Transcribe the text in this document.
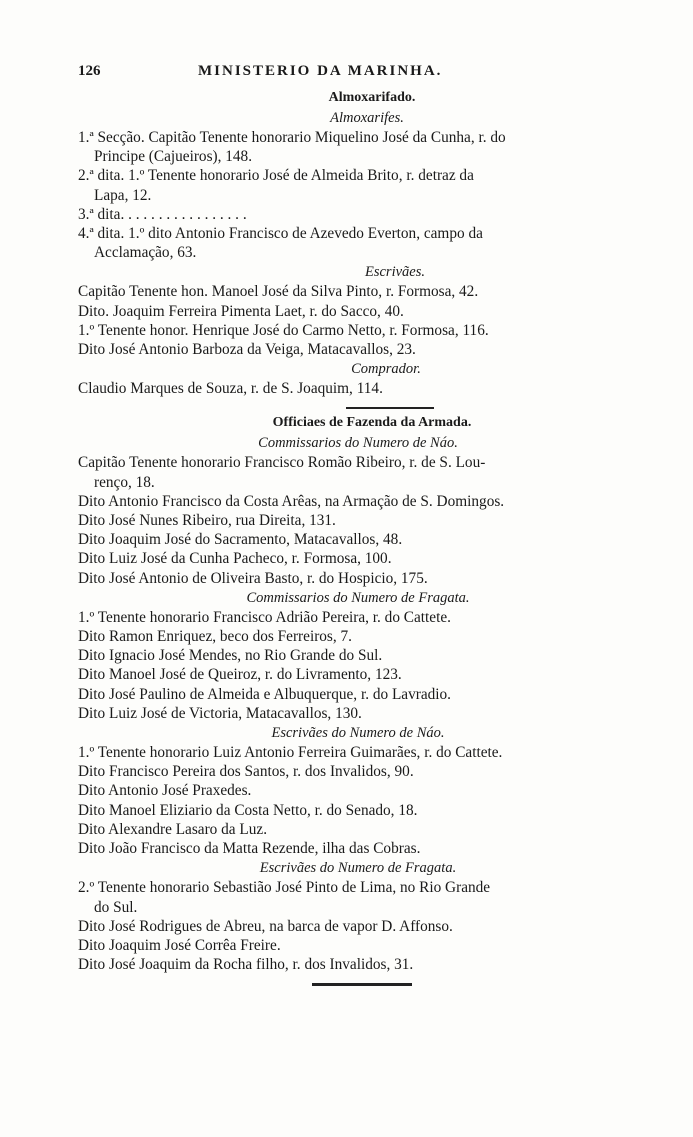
126	MINISTERIO DA MARINHA.
Almoxarifado.
Almoxarifes.
1.ª Secção. Capitão Tenente honorario Miquelino José da Cunha, r. do
Principe (Cajueiros), 148.
2.ª dita. 1.º Tenente honorario José de Almeida Brito, r. detraz da
Lapa, 12.
3.ª dita. . . . . . . . . . . . . . . . .
4.ª dita. 1.º dito Antonio Francisco de Azevedo Everton, campo da
Acclamação, 63.
Escrivães.
Capitão Tenente hon. Manoel José da Silva Pinto, r. Formosa, 42.
Dito. Joaquim Ferreira Pimenta Laet, r. do Sacco, 40.
1.º Tenente honor. Henrique José do Carmo Netto, r. Formosa, 116.
Dito José Antonio Barboza da Veiga, Matacavallos, 23.
Comprador.
Claudio Marques de Souza, r. de S. Joaquim, 114.
Officiaes de Fazenda da Armada.
Commissarios do Numero de Náo.
Capitão Tenente honorario Francisco Romão Ribeiro, r. de S. Lou-
renço, 18.
Dito Antonio Francisco da Costa Arêas, na Armação de S. Domingos.
Dito José Nunes Ribeiro, rua Direita, 131.
Dito Joaquim José do Sacramento, Matacavallos, 48.
Dito Luiz José da Cunha Pacheco, r. Formosa, 100.
Dito José Antonio de Oliveira Basto, r. do Hospicio, 175.
Commissarios do Numero de Fragata.
1.º Tenente honorario Francisco Adrião Pereira, r. do Cattete.
Dito Ramon Enriquez, beco dos Ferreiros, 7.
Dito Ignacio José Mendes, no Rio Grande do Sul.
Dito Manoel José de Queiroz, r. do Livramento, 123.
Dito José Paulino de Almeida e Albuquerque, r. do Lavradio.
Dito Luiz José de Victoria, Matacavallos, 130.
Escrivães do Numero de Náo.
1.º Tenente honorario Luiz Antonio Ferreira Guimarães, r. do Cattete.
Dito Francisco Pereira dos Santos, r. dos Invalidos, 90.
Dito Antonio José Praxedes.
Dito Manoel Eliziario da Costa Netto, r. do Senado, 18.
Dito Alexandre Lasaro da Luz.
Dito João Francisco da Matta Rezende, ilha das Cobras.
Escrivães do Numero de Fragata.
2.º Tenente honorario Sebastião José Pinto de Lima, no Rio Grande
do Sul.
Dito José Rodrigues de Abreu, na barca de vapor D. Affonso.
Dito Joaquim José Corrêa Freire.
Dito José Joaquim da Rocha filho, r. dos Invalidos, 31.
